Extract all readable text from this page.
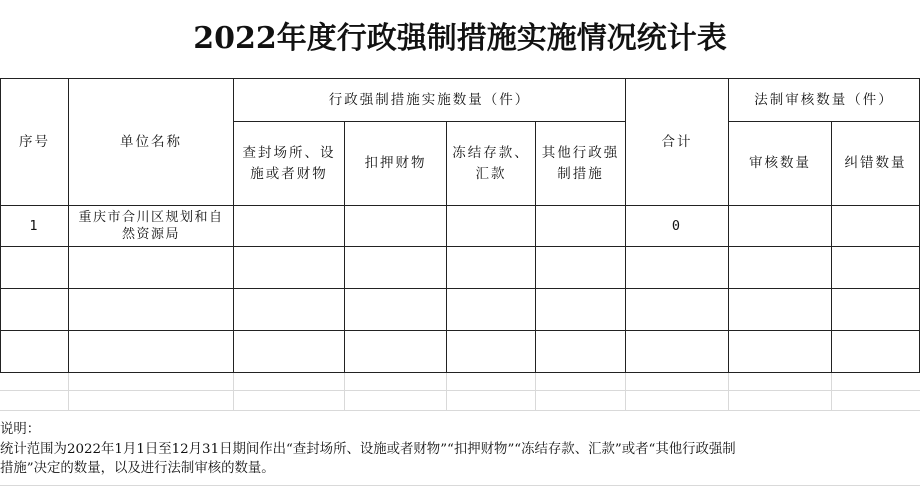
2022年度行政强制措施实施情况统计表
序号	单位名称	行政强制措施实施数量（件）				合计	法制审核数量（件）	
		查封场所、设施或者财物	扣押财物	冻结存款、汇款	其他行政强制措施		审核数量	纠错数量
1	重庆市合川区规划和自然资源局					0		

说明：
统计范围为2022年1月1日至12月31日期间作出“查封场所、设施或者财物”“扣押财物”“冻结存款、汇款”或者“其他行政强制
措施”决定的数量，以及进行法制审核的数量。
